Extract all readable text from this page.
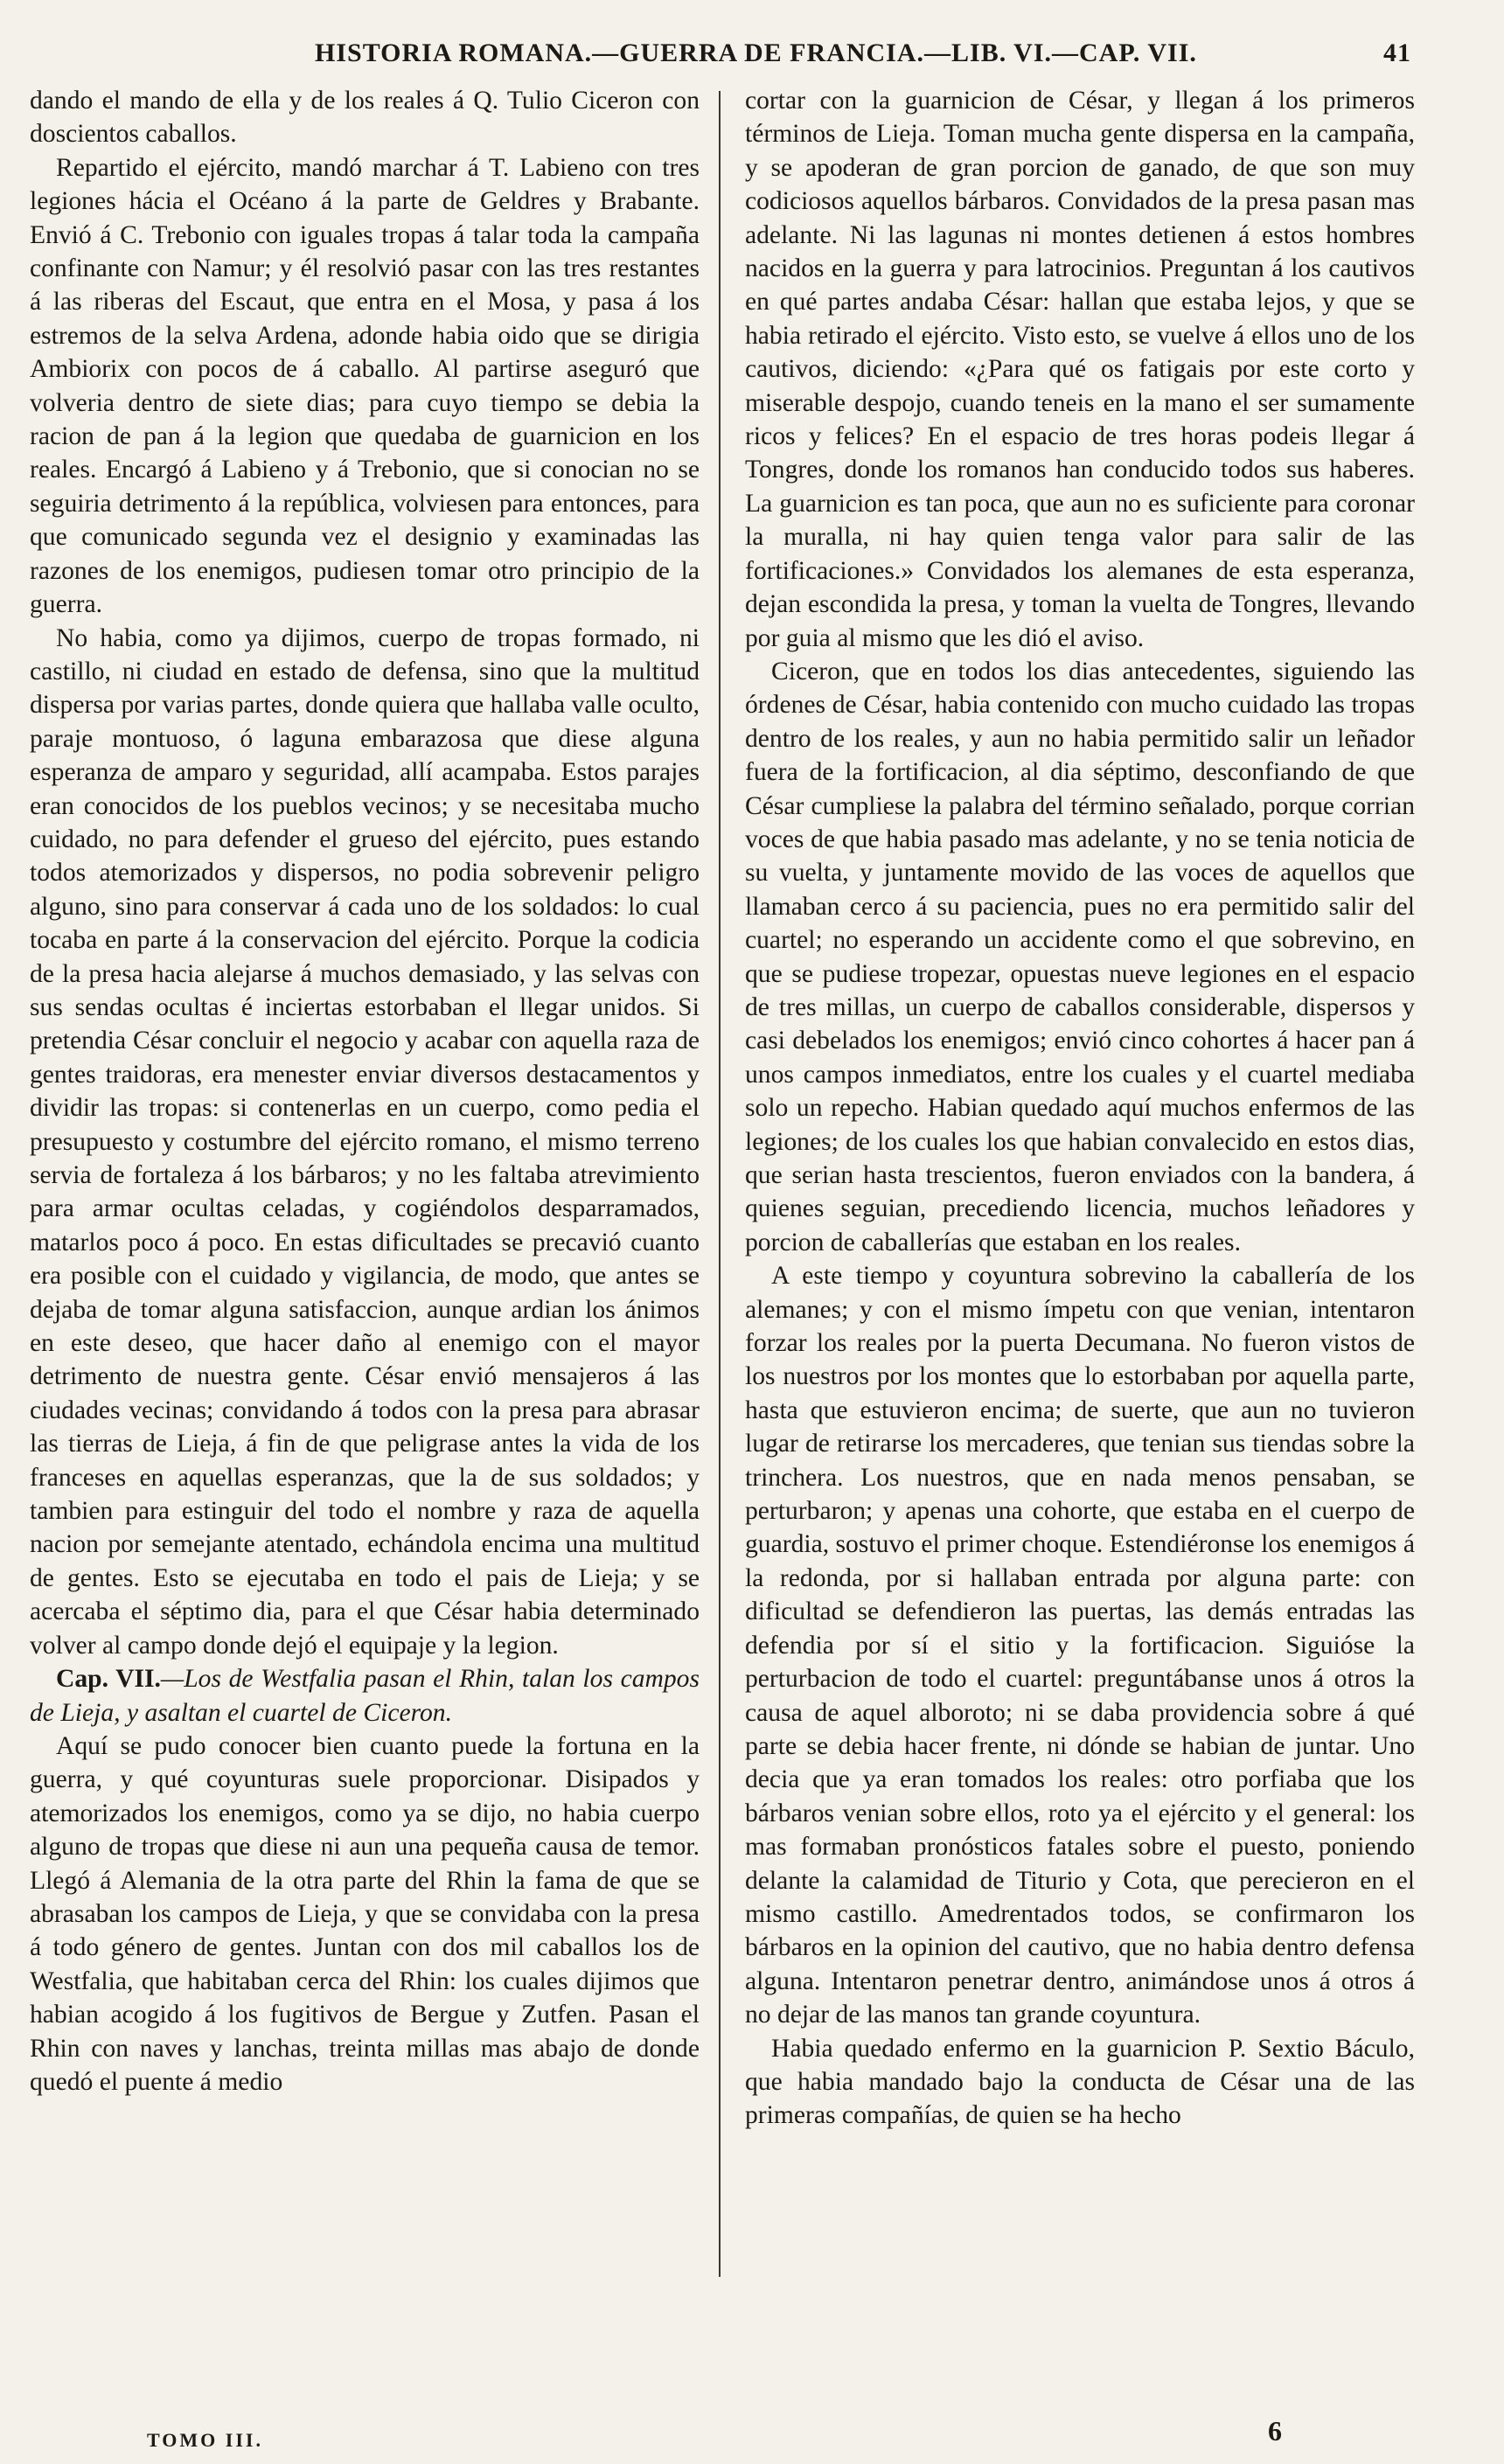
HISTORIA ROMANA.—GUERRA DE FRANCIA.—LIB. VI.—CAP. VII.	41

dando el mando de ella y de los reales á Q. Tulio Ciceron con doscientos caballos.

Repartido el ejército, mandó marchar á T. Labieno con tres legiones hácia el Océano á la parte de Geldres y Brabante. Envió á C. Trebonio con iguales tropas á talar toda la campaña confinante con Namur; y él resolvió pasar con las tres restantes á las riberas del Escaut, que entra en el Mosa, y pasa á los estremos de la selva Ardena, adonde habia oido que se dirigia Ambiorix con pocos de á caballo. Al partirse aseguró que volveria dentro de siete dias; para cuyo tiempo se debia la racion de pan á la legion que quedaba de guarnicion en los reales. Encargó á Labieno y á Trebonio, que si conocian no se seguiria detrimento á la república, volviesen para entonces, para que comunicado segunda vez el designio y examinadas las razones de los enemigos, pudiesen tomar otro principio de la guerra.

No habia, como ya dijimos, cuerpo de tropas formado, ni castillo, ni ciudad en estado de defensa, sino que la multitud dispersa por varias partes, donde quiera que hallaba valle oculto, paraje montuoso, ó laguna embarazosa que diese alguna esperanza de amparo y seguridad, allí acampaba. Estos parajes eran conocidos de los pueblos vecinos; y se necesitaba mucho cuidado, no para defender el grueso del ejército, pues estando todos atemorizados y dispersos, no podia sobrevenir peligro alguno, sino para conservar á cada uno de los soldados: lo cual tocaba en parte á la conservacion del ejército. Porque la codicia de la presa hacia alejarse á muchos demasiado, y las selvas con sus sendas ocultas é inciertas estorbaban el llegar unidos. Si pretendia César concluir el negocio y acabar con aquella raza de gentes traidoras, era menester enviar diversos destacamentos y dividir las tropas: si contenerlas en un cuerpo, como pedia el presupuesto y costumbre del ejército romano, el mismo terreno servia de fortaleza á los bárbaros; y no les faltaba atrevimiento para armar ocultas celadas, y cogiéndolos desparramados, matarlos poco á poco. En estas dificultades se precavió cuanto era posible con el cuidado y vigilancia, de modo, que antes se dejaba de tomar alguna satisfaccion, aunque ardian los ánimos en este deseo, que hacer daño al enemigo con el mayor detrimento de nuestra gente. César envió mensajeros á las ciudades vecinas; convidando á todos con la presa para abrasar las tierras de Lieja, á fin de que peligrase antes la vida de los franceses en aquellas esperanzas, que la de sus soldados; y tambien para estinguir del todo el nombre y raza de aquella nacion por semejante atentado, echándola encima una multitud de gentes. Esto se ejecutaba en todo el pais de Lieja; y se acercaba el séptimo dia, para el que César habia determinado volver al campo donde dejó el equipaje y la legion.

Cap. VII.—Los de Westfalia pasan el Rhin, talan los campos de Lieja, y asaltan el cuartel de Ciceron.

Aquí se pudo conocer bien cuanto puede la fortuna en la guerra, y qué coyunturas suele proporcionar. Disipados y atemorizados los enemigos, como ya se dijo, no habia cuerpo alguno de tropas que diese ni aun una pequeña causa de temor. Llegó á Alemania de la otra parte del Rhin la fama de que se abrasaban los campos de Lieja, y que se convidaba con la presa á todo género de gentes. Juntan con dos mil caballos los de Westfalia, que habitaban cerca del Rhin: los cuales dijimos que habian acogido á los fugitivos de Bergue y Zutfen. Pasan el Rhin con naves y lanchas, treinta millas mas abajo de donde quedó el puente á medio

cortar con la guarnicion de César, y llegan á los primeros términos de Lieja. Toman mucha gente dispersa en la campaña, y se apoderan de gran porcion de ganado, de que son muy codiciosos aquellos bárbaros. Convidados de la presa pasan mas adelante. Ni las lagunas ni montes detienen á estos hombres nacidos en la guerra y para latrocinios. Preguntan á los cautivos en qué partes andaba César: hallan que estaba lejos, y que se habia retirado el ejército. Visto esto, se vuelve á ellos uno de los cautivos, diciendo: «¿Para qué os fatigais por este corto y miserable despojo, cuando teneis en la mano el ser sumamente ricos y felices? En el espacio de tres horas podeis llegar á Tongres, donde los romanos han conducido todos sus haberes. La guarnicion es tan poca, que aun no es suficiente para coronar la muralla, ni hay quien tenga valor para salir de las fortificaciones.» Convidados los alemanes de esta esperanza, dejan escondida la presa, y toman la vuelta de Tongres, llevando por guia al mismo que les dió el aviso.

Ciceron, que en todos los dias antecedentes, siguiendo las órdenes de César, habia contenido con mucho cuidado las tropas dentro de los reales, y aun no habia permitido salir un leñador fuera de la fortificacion, al dia séptimo, desconfiando de que César cumpliese la palabra del término señalado, porque corrian voces de que habia pasado mas adelante, y no se tenia noticia de su vuelta, y juntamente movido de las voces de aquellos que llamaban cerco á su paciencia, pues no era permitido salir del cuartel; no esperando un accidente como el que sobrevino, en que se pudiese tropezar, opuestas nueve legiones en el espacio de tres millas, un cuerpo de caballos considerable, dispersos y casi debelados los enemigos; envió cinco cohortes á hacer pan á unos campos inmediatos, entre los cuales y el cuartel mediaba solo un repecho. Habian quedado aquí muchos enfermos de las legiones; de los cuales los que habian convalecido en estos dias, que serian hasta trescientos, fueron enviados con la bandera, á quienes seguian, precediendo licencia, muchos leñadores y porcion de caballerías que estaban en los reales.

A este tiempo y coyuntura sobrevino la caballería de los alemanes; y con el mismo ímpetu con que venian, intentaron forzar los reales por la puerta Decumana. No fueron vistos de los nuestros por los montes que lo estorbaban por aquella parte, hasta que estuvieron encima; de suerte, que aun no tuvieron lugar de retirarse los mercaderes, que tenian sus tiendas sobre la trinchera. Los nuestros, que en nada menos pensaban, se perturbaron; y apenas una cohorte, que estaba en el cuerpo de guardia, sostuvo el primer choque. Estendiéronse los enemigos á la redonda, por si hallaban entrada por alguna parte: con dificultad se defendieron las puertas, las demás entradas las defendia por sí el sitio y la fortificacion. Siguióse la perturbacion de todo el cuartel: preguntábanse unos á otros la causa de aquel alboroto; ni se daba providencia sobre á qué parte se debia hacer frente, ni dónde se habian de juntar. Uno decia que ya eran tomados los reales: otro porfiaba que los bárbaros venian sobre ellos, roto ya el ejército y el general: los mas formaban pronósticos fatales sobre el puesto, poniendo delante la calamidad de Titurio y Cota, que perecieron en el mismo castillo. Amedrentados todos, se confirmaron los bárbaros en la opinion del cautivo, que no habia dentro defensa alguna. Intentaron penetrar dentro, animándose unos á otros á no dejar de las manos tan grande coyuntura.

Habia quedado enfermo en la guarnicion P. Sextio Báculo, que habia mandado bajo la conducta de César una de las primeras compañías, de quien se ha hecho

TOMO III.	6
